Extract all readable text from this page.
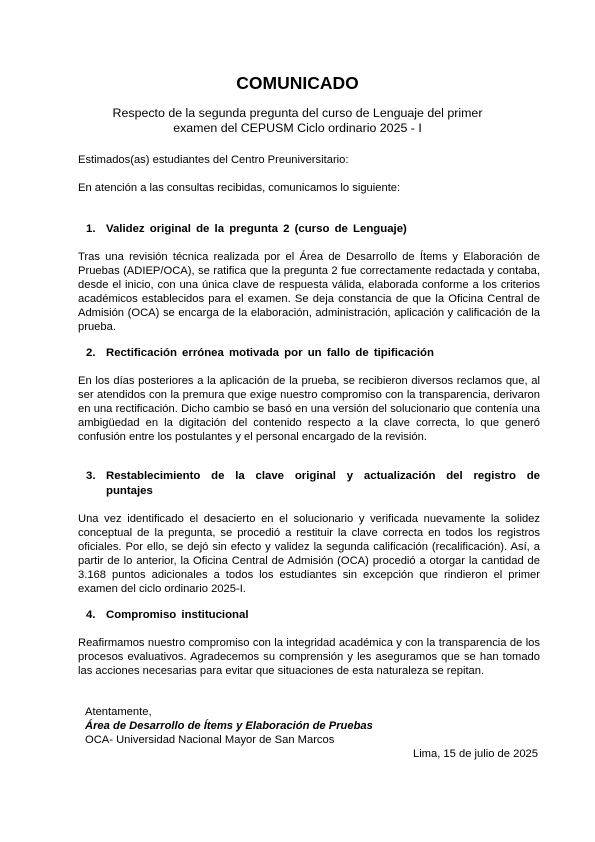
COMUNICADO
Respecto de la segunda pregunta del curso de Lenguaje del primer examen del CEPUSM Ciclo ordinario 2025 - I

Estimados(as) estudiantes del Centro Preuniversitario:

En atención a las consultas recibidas, comunicamos lo siguiente:

1. Validez original de la pregunta 2 (curso de Lenguaje)

Tras una revisión técnica realizada por el Área de Desarrollo de Ítems y Elaboración de Pruebas (ADIEP/OCA), se ratifica que la pregunta 2 fue correctamente redactada y contaba, desde el inicio, con una única clave de respuesta válida, elaborada conforme a los criterios académicos establecidos para el examen. Se deja constancia de que la Oficina Central de Admisión (OCA) se encarga de la elaboración, administración, aplicación y calificación de la prueba.

2. Rectificación errónea motivada por un fallo de tipificación

En los días posteriores a la aplicación de la prueba, se recibieron diversos reclamos que, al ser atendidos con la premura que exige nuestro compromiso con la transparencia, derivaron en una rectificación. Dicho cambio se basó en una versión del solucionario que contenía una ambigüedad en la digitación del contenido respecto a la clave correcta, lo que generó confusión entre los postulantes y el personal encargado de la revisión.

3. Restablecimiento de la clave original y actualización del registro de puntajes

Una vez identificado el desacierto en el solucionario y verificada nuevamente la solidez conceptual de la pregunta, se procedió a restituir la clave correcta en todos los registros oficiales. Por ello, se dejó sin efecto y validez la segunda calificación (recalificación). Así, a partir de lo anterior, la Oficina Central de Admisión (OCA) procedió a otorgar la cantidad de 3.168 puntos adicionales a todos los estudiantes sin excepción que rindieron el primer examen del ciclo ordinario 2025-I.

4. Compromiso institucional

Reafirmamos nuestro compromiso con la integridad académica y con la transparencia de los procesos evaluativos. Agradecemos su comprensión y les aseguramos que se han tomado las acciones necesarias para evitar que situaciones de esta naturaleza se repitan.

Atentamente,
Área de Desarrollo de Ítems y Elaboración de Pruebas
OCA- Universidad Nacional Mayor de San Marcos
Lima, 15 de julio de 2025
